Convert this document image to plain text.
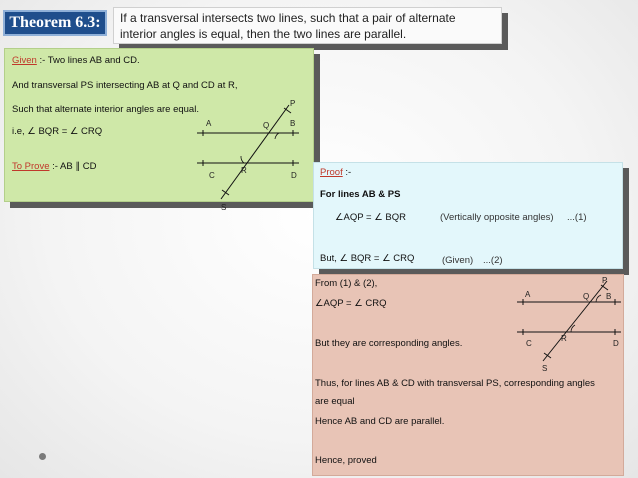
Theorem 6.3:	If a transversal intersects two lines, such that a pair of alternate
interior angles is equal, then the two lines are parallel.
Given :- Two lines AB and CD.
And transversal PS intersecting AB at Q and CD at R,
Such that alternate interior angles are equal.
i.e, ∠ BQR = ∠ CRQ
To Prove :- AB ∥ CD
A	Q	B
P
C
R
D
S
Proof :-
For lines AB & PS
∠AQP = ∠ BQR	(Vertically opposite angles) ...(1)
But, ∠ BQR = ∠ CRQ	(Given) ...(2)
From (1) & (2),
∠AQP = ∠ CRQ
But they are corresponding angles.
Thus, for lines AB & CD with transversal PS, corresponding angles
are equal
Hence AB and CD are parallel.
Hence, proved
P
A	Q B
C
R
D
S
